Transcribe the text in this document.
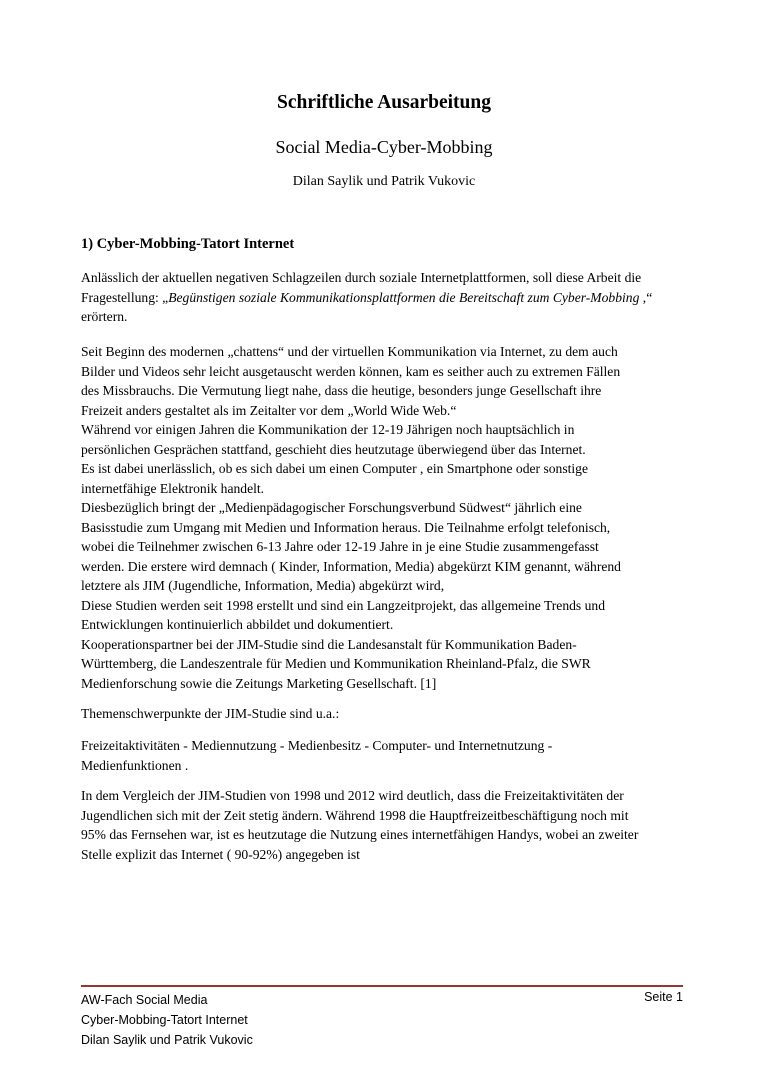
Schriftliche Ausarbeitung
Social Media-Cyber-Mobbing
Dilan Saylik und Patrik Vukovic
1) Cyber-Mobbing-Tatort Internet

Anlässlich der aktuellen negativen Schlagzeilen durch soziale Internetplattformen, soll diese Arbeit die Fragestellung: „Begünstigen soziale Kommunikationsplattformen die Bereitschaft zum Cyber-Mobbing ,“ erörtern.

Seit Beginn des modernen „chattens“ und der virtuellen Kommunikation via Internet, zu dem auch
Bilder und Videos sehr leicht ausgetauscht werden können, kam es seither auch zu extremen Fällen
des Missbrauchs. Die Vermutung liegt nahe, dass die heutige, besonders junge Gesellschaft ihre
Freizeit anders gestaltet als im Zeitalter vor dem „World Wide Web.“
Während vor einigen Jahren die Kommunikation der 12-19 Jährigen noch hauptsächlich in
persönlichen Gesprächen stattfand, geschieht dies heutzutage überwiegend über das Internet.
Es ist dabei unerlässlich, ob es sich dabei um einen Computer , ein Smartphone oder sonstige
internetfähige Elektronik handelt.
Diesbezüglich bringt der „Medienpädagogischer Forschungsverbund Südwest“ jährlich eine
Basisstudie zum Umgang mit Medien und Information heraus. Die Teilnahme erfolgt telefonisch,
wobei die Teilnehmer zwischen 6-13 Jahre oder 12-19 Jahre in je eine Studie zusammengefasst
werden. Die erstere wird demnach ( Kinder, Information, Media) abgekürzt KIM genannt, während
letztere als JIM (Jugendliche, Information, Media) abgekürzt wird,
Diese Studien werden seit 1998 erstellt und sind ein Langzeitprojekt, das allgemeine Trends und
Entwicklungen kontinuierlich abbildet und dokumentiert.
Kooperationspartner bei der JIM-Studie sind die Landesanstalt für Kommunikation Baden-
Württemberg, die Landeszentrale für Medien und Kommunikation Rheinland-Pfalz, die SWR
Medienforschung sowie die Zeitungs Marketing Gesellschaft. [1]
Themenschwerpunkte der JIM-Studie sind u.a.:
Freizeitaktivitäten - Mediennutzung - Medienbesitz - Computer- und Internetnutzung -
Medienfunktionen .
In dem Vergleich der JIM-Studien von 1998 und 2012 wird deutlich, dass die Freizeitaktivitäten der
Jugendlichen sich mit der Zeit stetig ändern. Während 1998 die Hauptfreizeitbeschäftigung noch mit
95% das Fernsehen war, ist es heutzutage die Nutzung eines internetfähigen Handys, wobei an zweiter
Stelle explizit das Internet ( 90-92%) angegeben ist
AW-Fach Social Media
Cyber-Mobbing-Tatort Internet
Dilan Saylik und Patrik Vukovic
Seite 1
